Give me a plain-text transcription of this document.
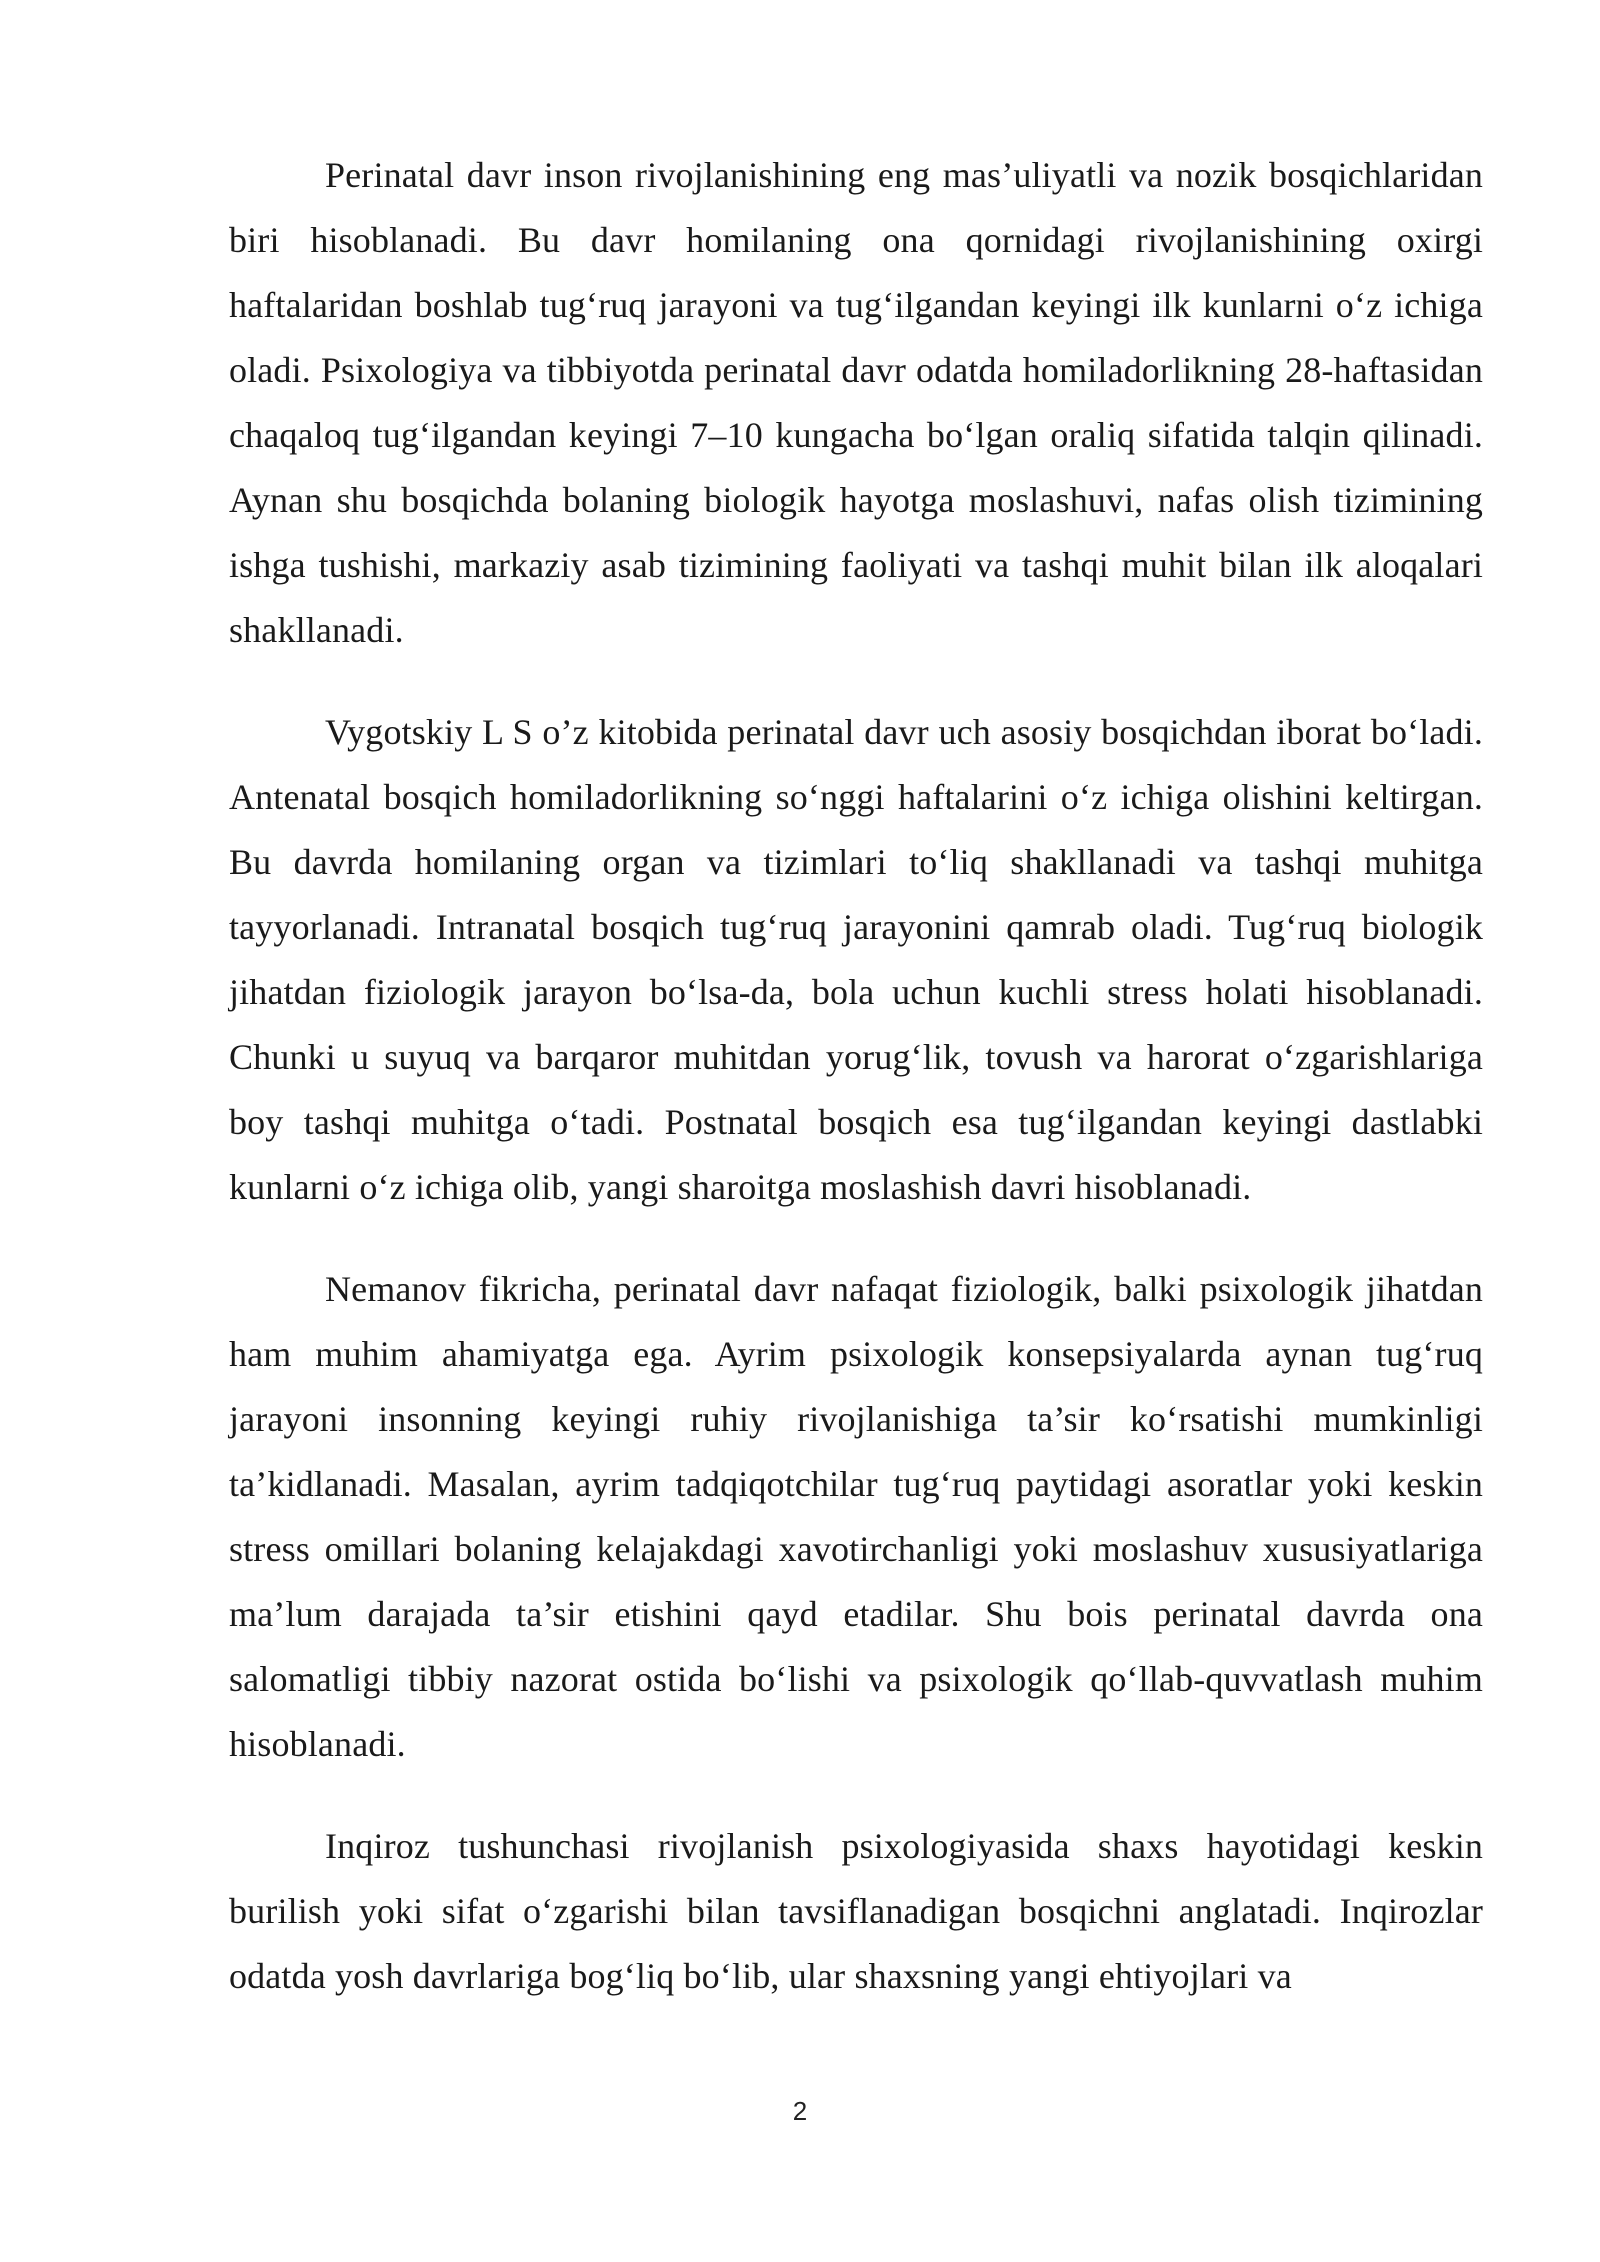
Perinatal davr inson rivojlanishining eng mas’uliyatli va nozik bosqichlaridan biri hisoblanadi. Bu davr homilaning ona qornidagi rivojlanishining oxirgi haftalaridan boshlab tug‘ruq jarayoni va tug‘ilgandan keyingi ilk kunlarni o‘z ichiga oladi. Psixologiya va tibbiyotda perinatal davr odatda homiladorlikning 28-haftasidan chaqaloq tug‘ilgandan keyingi 7–10 kungacha bo‘lgan oraliq sifatida talqin qilinadi. Aynan shu bosqichda bolaning biologik hayotga moslashuvi, nafas olish tizimining ishga tushishi, markaziy asab tizimining faoliyati va tashqi muhit bilan ilk aloqalari shakllanadi.

Vygotskiy L S o’z kitobida perinatal davr uch asosiy bosqichdan iborat bo‘ladi. Antenatal bosqich homiladorlikning so‘nggi haftalarini o‘z ichiga olishini keltirgan. Bu davrda homilaning organ va tizimlari to‘liq shakllanadi va tashqi muhitga tayyorlanadi. Intranatal bosqich tug‘ruq jarayonini qamrab oladi. Tug‘ruq biologik jihatdan fiziologik jarayon bo‘lsa-da, bola uchun kuchli stress holati hisoblanadi. Chunki u suyuq va barqaror muhitdan yorug‘lik, tovush va harorat o‘zgarishlariga boy tashqi muhitga o‘tadi. Postnatal bosqich esa tug‘ilgandan keyingi dastlabki kunlarni o‘z ichiga olib, yangi sharoitga moslashish davri hisoblanadi.

Nemanov fikricha, perinatal davr nafaqat fiziologik, balki psixologik jihatdan ham muhim ahamiyatga ega. Ayrim psixologik konsepsiyalarda aynan tug‘ruq jarayoni insonning keyingi ruhiy rivojlanishiga ta’sir ko‘rsatishi mumkinligi ta’kidlanadi. Masalan, ayrim tadqiqotchilar tug‘ruq paytidagi asoratlar yoki keskin stress omillari bolaning kelajakdagi xavotirchanligi yoki moslashuv xususiyatlariga ma’lum darajada ta’sir etishini qayd etadilar. Shu bois perinatal davrda ona salomatligi tibbiy nazorat ostida bo‘lishi va psixologik qo‘llab-quvvatlash muhim hisoblanadi.

Inqiroz tushunchasi rivojlanish psixologiyasida shaxs hayotidagi keskin burilish yoki sifat o‘zgarishi bilan tavsiflanadigan bosqichni anglatadi. Inqirozlar odatda yosh davrlariga bog‘liq bo‘lib, ular shaxsning yangi ehtiyojlari va

2
